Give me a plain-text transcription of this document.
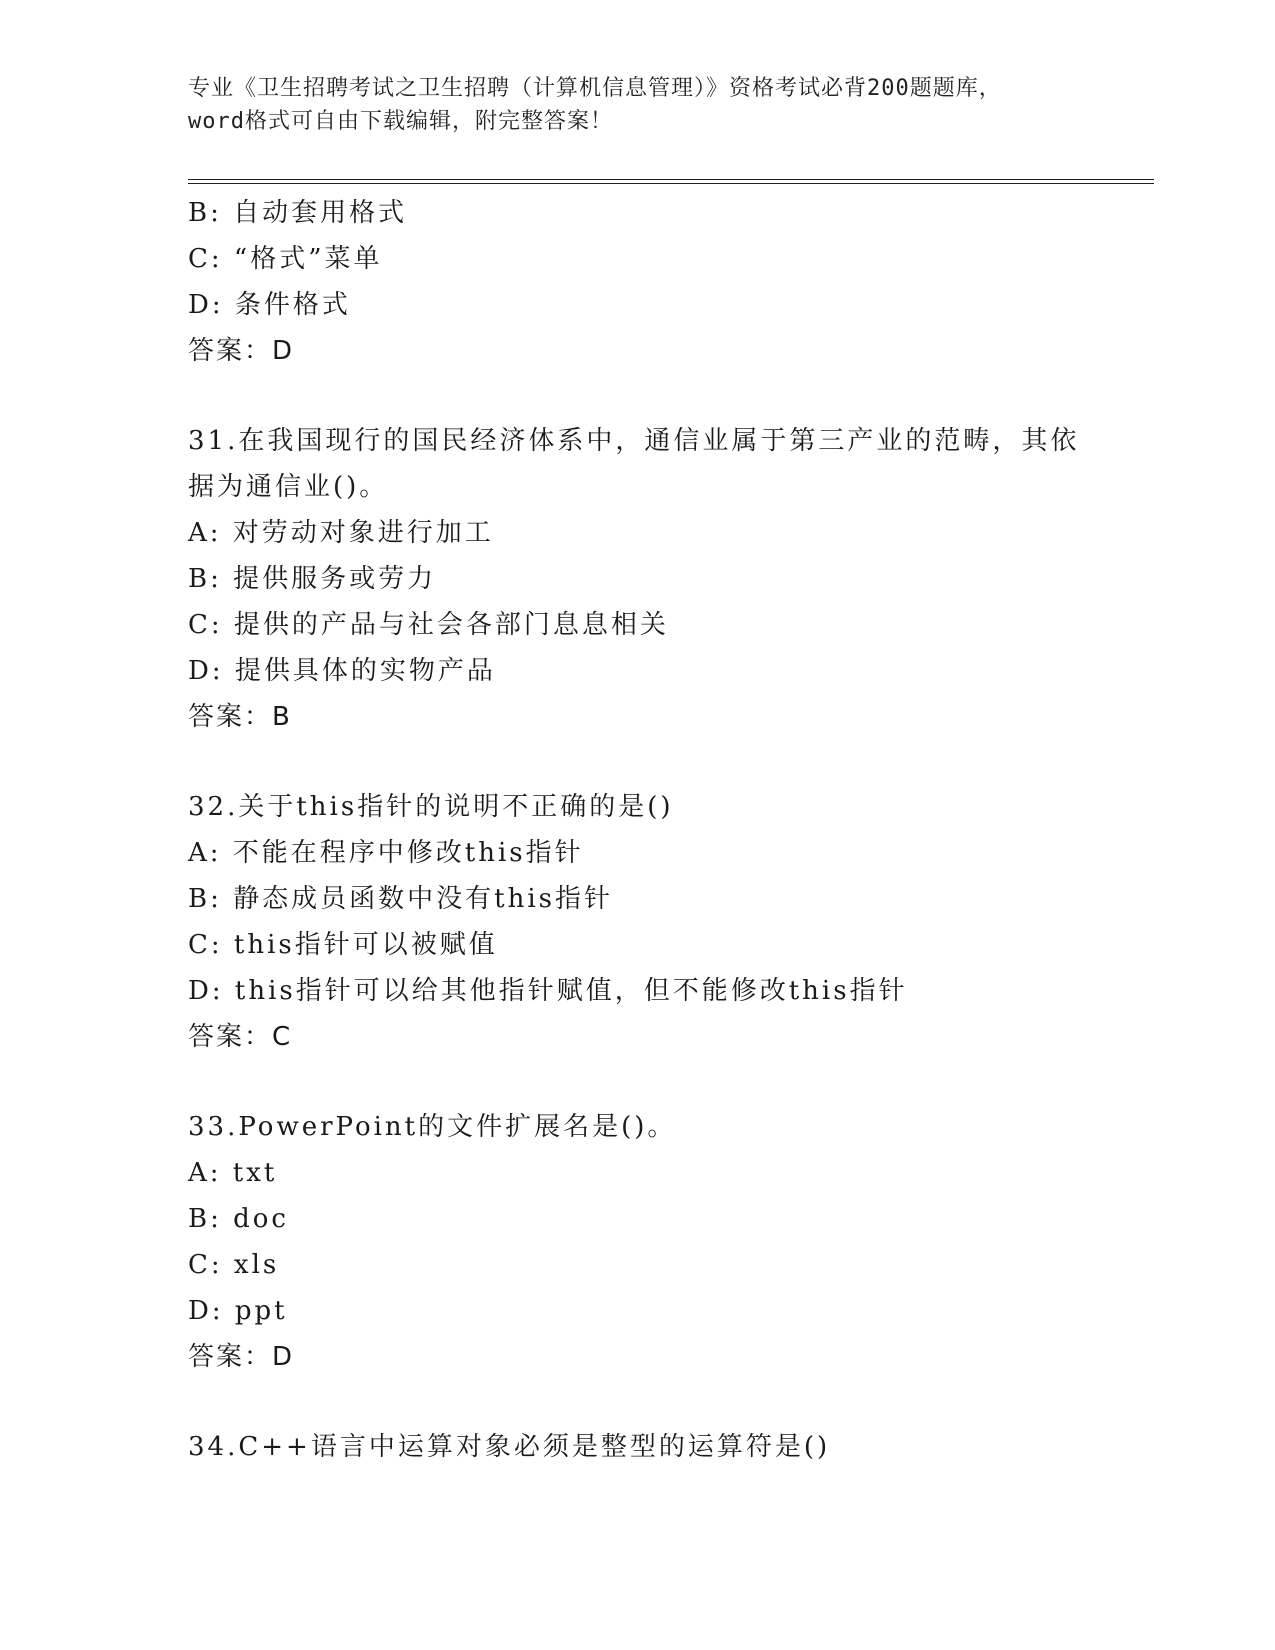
专业《卫生招聘考试之卫生招聘（计算机信息管理）》资格考试必背200题题库，
word格式可自由下载编辑，附完整答案！
B: 自动套用格式
C: “格式”菜单
D: 条件格式
答案：D
31.在我国现行的国民经济体系中，通信业属于第三产业的范畴，其依
据为通信业()。
A: 对劳动对象进行加工
B: 提供服务或劳力
C: 提供的产品与社会各部门息息相关
D: 提供具体的实物产品
答案：B
32.关于this指针的说明不正确的是()
A: 不能在程序中修改this指针
B: 静态成员函数中没有this指针
C: this指针可以被赋值
D: this指针可以给其他指针赋值，但不能修改this指针
答案：C
33.PowerPoint的文件扩展名是()。
A: txt
B: doc
C: xls
D: ppt
答案：D
34.C++语言中运算对象必须是整型的运算符是()
